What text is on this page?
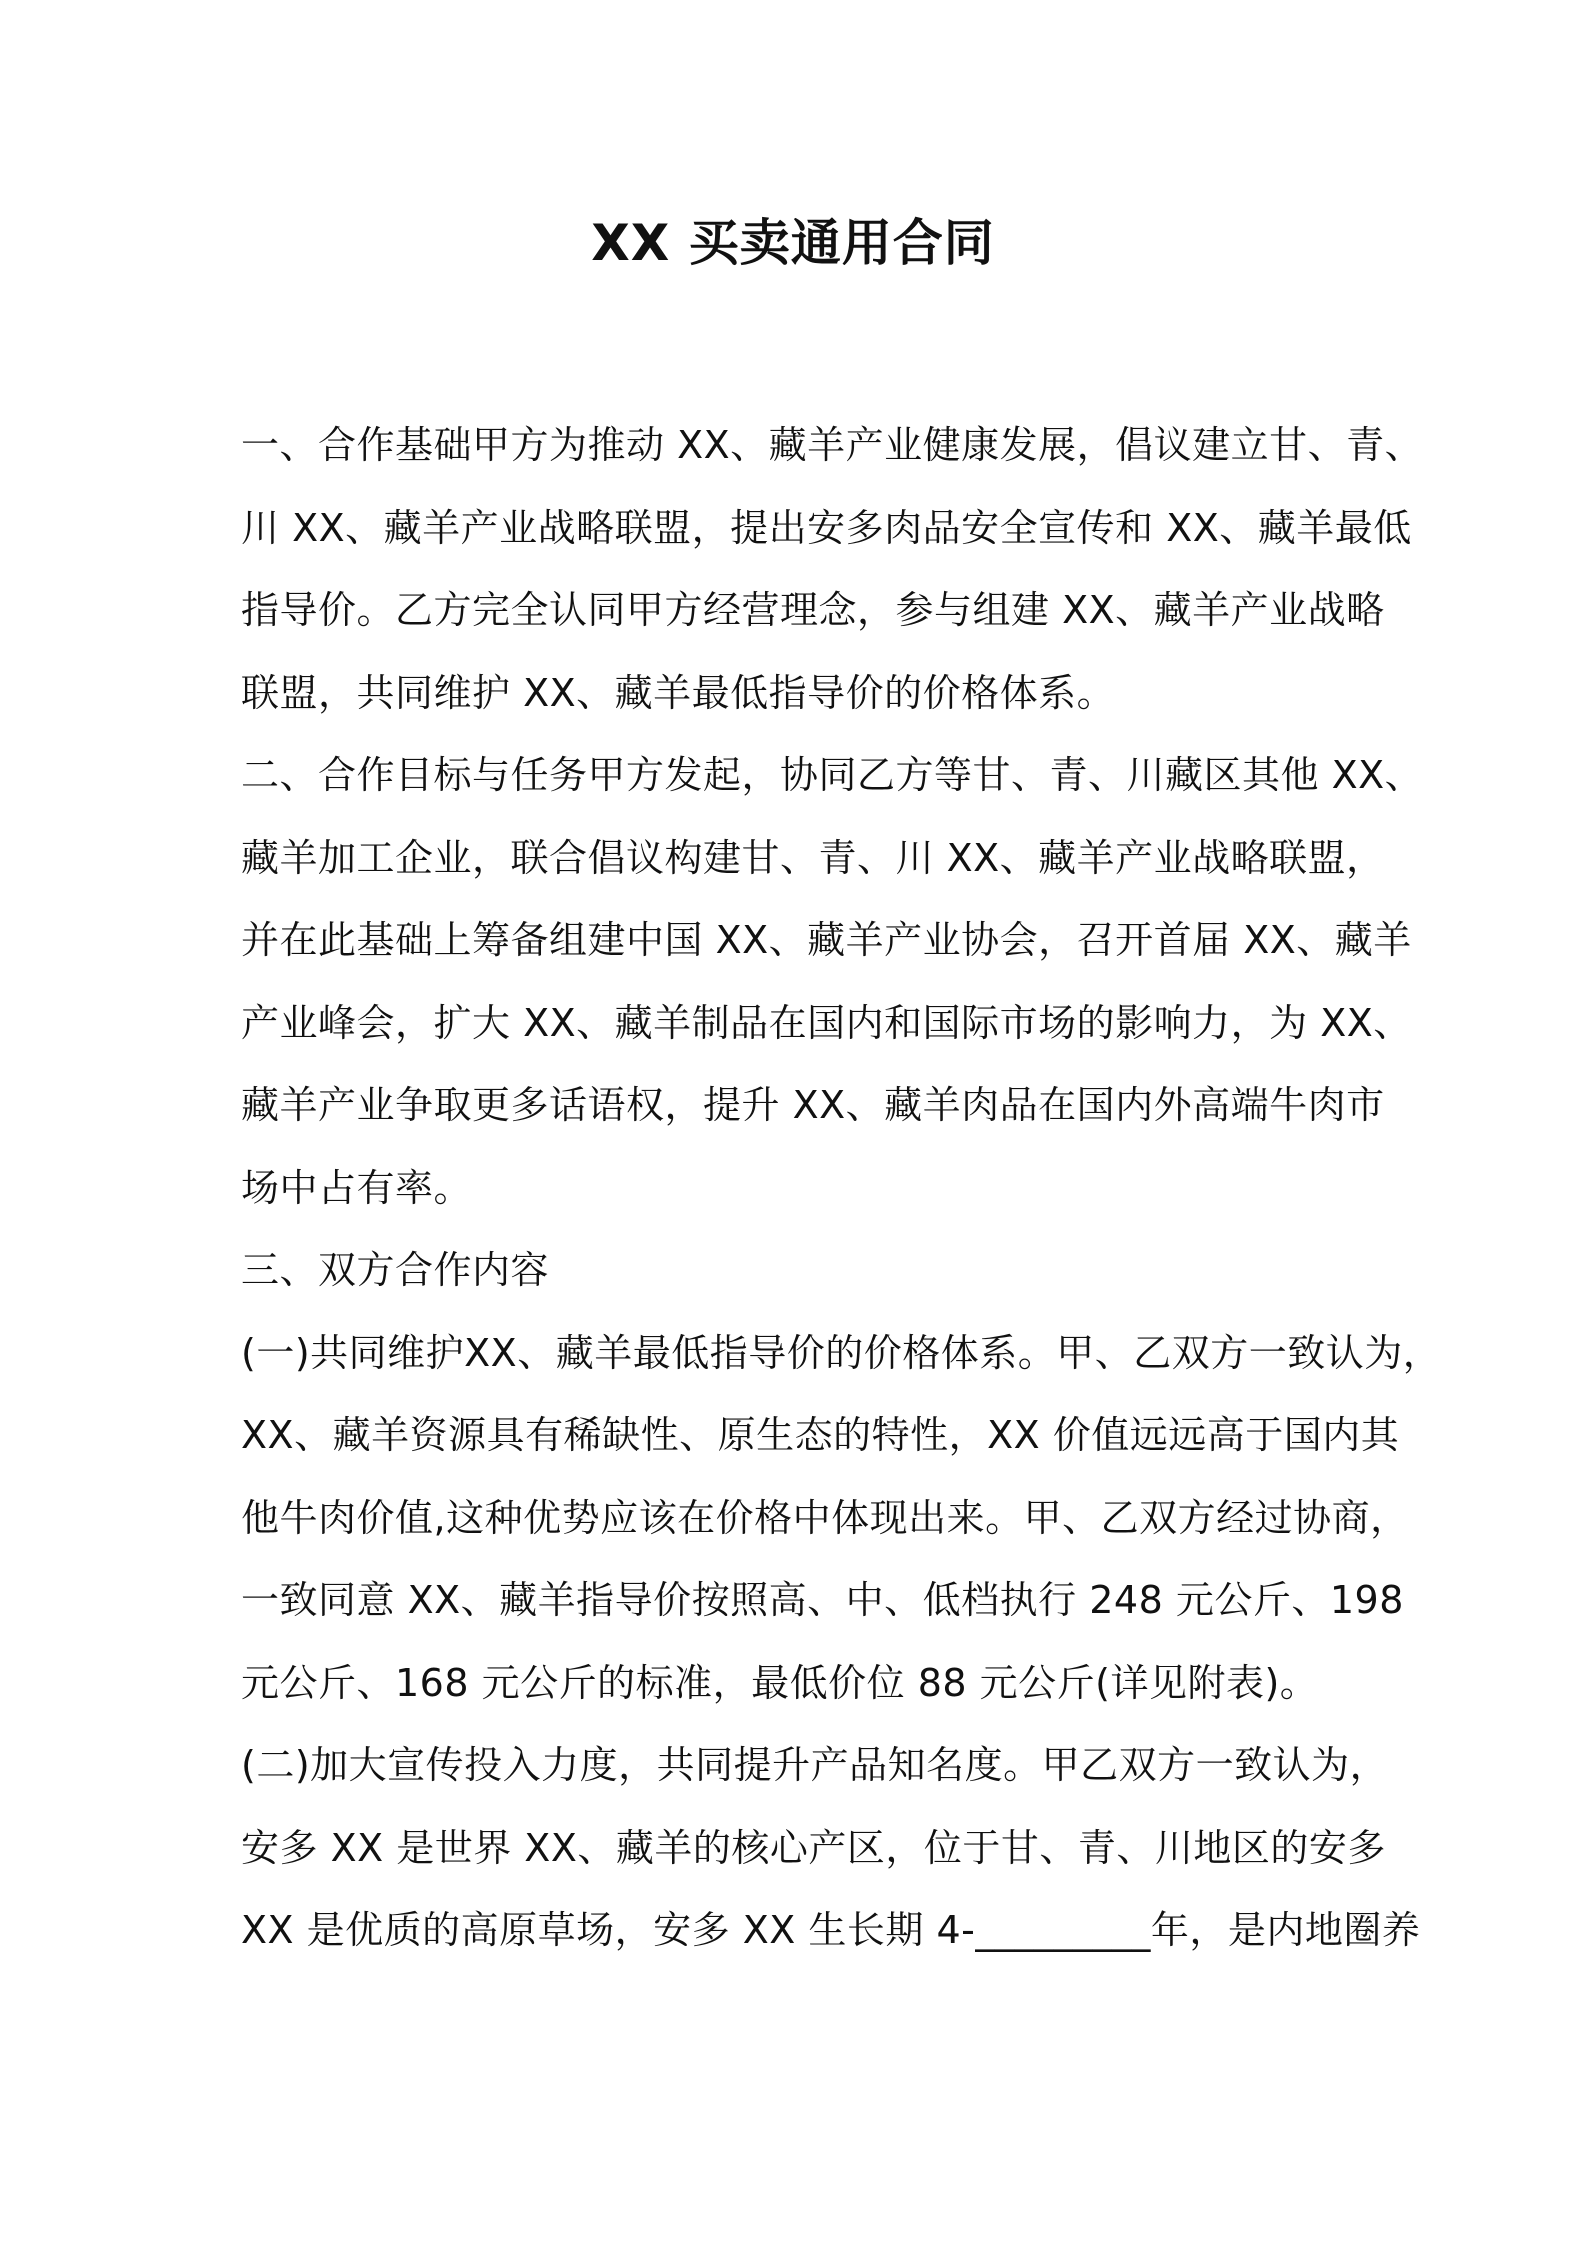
XX 买卖通用合同
一、合作基础甲方为推动 XX、藏羊产业健康发展，倡议建立甘、青、
川 XX、藏羊产业战略联盟，提出安多肉品安全宣传和 XX、藏羊最低
指导价。乙方完全认同甲方经营理念，参与组建 XX、藏羊产业战略
联盟，共同维护 XX、藏羊最低指导价的价格体系。
二、合作目标与任务甲方发起，协同乙方等甘、青、川藏区其他 XX、
藏羊加工企业，联合倡议构建甘、青、川 XX、藏羊产业战略联盟，
并在此基础上筹备组建中国 XX、藏羊产业协会，召开首届 XX、藏羊
产业峰会，扩大 XX、藏羊制品在国内和国际市场的影响力，为 XX、
藏羊产业争取更多话语权，提升 XX、藏羊肉品在国内外高端牛肉市
场中占有率。
三、双方合作内容
(一)共同维护XX、藏羊最低指导价的价格体系。甲、乙双方一致认为，
XX、藏羊资源具有稀缺性、原生态的特性，XX 价值远远高于国内其
他牛肉价值,这种优势应该在价格中体现出来。甲、乙双方经过协商，
一致同意 XX、藏羊指导价按照高、中、低档执行 248 元公斤、198
元公斤、168 元公斤的标准，最低价位 88 元公斤(详见附表)。
(二)加大宣传投入力度，共同提升产品知名度。甲乙双方一致认为，
安多 XX 是世界 XX、藏羊的核心产区，位于甘、青、川地区的安多
XX 是优质的高原草场，安多 XX 生长期 4-_________年，是内地圈养
